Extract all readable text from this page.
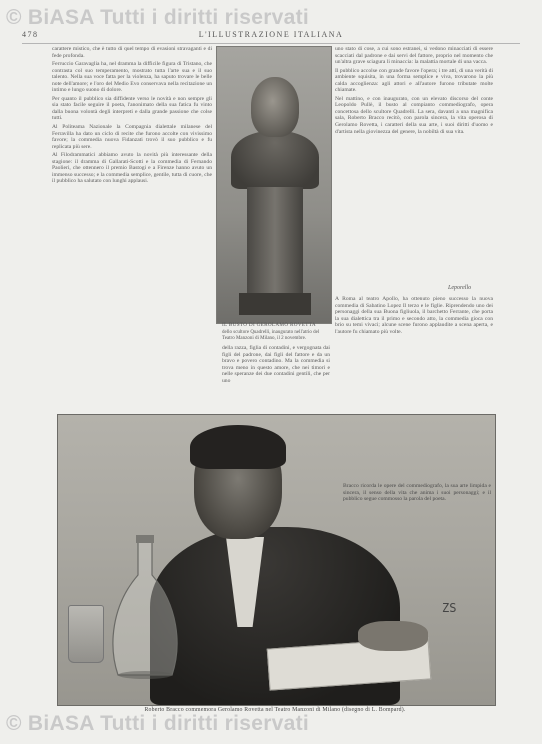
© BiASA Tutti i diritti riservati
© BiASA Tutti i diritti riservati
478	L'ILLUSTRAZIONE ITALIANA

carattere mistico, che è tutto di quel tempo di evasioni stravaganti e di fede profonda.

Ferruccio Garavaglia ha, nel dramma la difficile figura di Tristano, che contrasta col suo temperamento, mostrato tutta l'arte sua e il suo talento. Nella sua voce fatta per la violenza, ha saputo trovare le belle note dell'amore; e l'oro del Medio Evo conservava nella recitazione un intimo e lungo suono di dolore.

Per quanto il pubblico sia diffidente verso le novità e non sempre gli sia stato facile seguire il poeta, l'anonimato della sua fatica fu vinto dalla buona volontà degli interpreti e dalla grande passione che colse tutti.

Al Politeama Nazionale la Compagnia dialettale milanese del Ferravilla ha dato un ciclo di recite che furono accolte con vivissimo favore; la commedia nuova Fidanzati trovò il suo pubblico e fu replicata più sere.

Al Filodrammatici abbiamo avuto la novità più interessante della stagione: il dramma di Gallarati-Scotti e la commedia di Fernando Paolieri, che ottennero il premio Bastogi e a Firenze hanno avuto un immenso successo; e la commedia semplice, gentile, tutta di cuore, che il pubblico ha salutato con lunghi applausi.

IL BUSTO DI GEROLAMO ROVETTA
dello scultore Quadrelli, inaugurato nell'atrio del Teatro Manzoni di Milano, il 2 novembre.

uno stato di cose, a cui sono estranei, si vedono minacciati di essere scacciati dal padrone e dai servi del fattore, proprio nel momento che un'altra grave sciagura li minaccia: la malattia mortale di una vacca.

Il pubblico accolse con grande favore l'opera; i tre atti, di una verità di ambiente squisita, in una forma semplice e viva, trovarono la più calda accoglienza: agli attori e all'autore furono tributate molte chiamate.

Nel mattino, e con inaugurato, con un elevato discorso del conte Leopoldo Pullè, il busto al compianto commediografo, opera concettosa dello scultore Quadrelli. La sera, davanti a una magnifica sala, Roberto Bracco recitò, con parola sincera, la vita operosa di Gerolamo Rovetta, i caratteri della sua arte, i suoi diritti d'uomo e d'artista nella giovinezza del genere, la nobiltà di sua vita.

Leporello

A Roma al teatro Apollo, ha ottenuto pieno successo la nuova commedia di Sabatino Lopez Il terzo e le figlie. Riprendendo uno dei personaggi della sua Buona figliuola, il barchetto Ferrante, che porta la sua dialettica tra il primo e secondo atto, la commedia gioca con brio su temi vivaci; alcune scene furono applaudite a scena aperta, e l'autore fu chiamato più volte.

della razza, figlia di contadini, e vergognata dai figli del padrone, dai figli del fattore e da un bravo e povero contadino. Ma la commedia si trova meno in questo amore, che nei timori e nelle speranze dei due contadini gentili, che per uno

ZS
Bracco ricorda le opere del commediografo, la sua arte limpida e sincera, il senso della vita che anima i suoi personaggi; e il pubblico segue commosso la parola del poeta.
Roberto Bracco commemora Gerolamo Rovetta nel Teatro Manzoni di Milano (disegno di L. Bompard).
